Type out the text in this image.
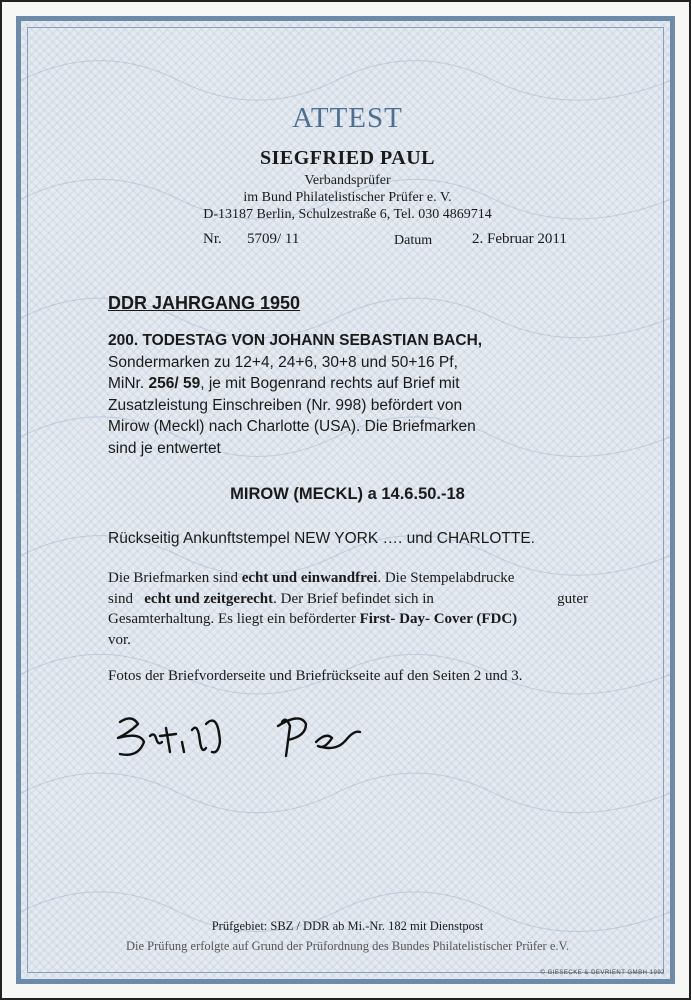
ATTEST
SIEGFRIED PAUL
Verbandsprüfer
im Bund Philatelistischer Prüfer e. V.
D-13187 Berlin, Schulzestraße 6, Tel. 030 4869714
Nr. 5709/ 11	Datum	2. Februar 2011
DDR JAHRGANG 1950
200. TODESTAG VON JOHANN SEBASTIAN BACH,
Sondermarken zu 12+4, 24+6, 30+8 und 50+16 Pf,
MiNr. 256/ 59, je mit Bogenrand rechts auf Brief mit
Zusatzleistung Einschreiben (Nr. 998) befördert von
Mirow (Meckl) nach Charlotte (USA). Die Briefmarken
sind je entwertet
MIROW (MECKL) a 14.6.50.-18
Rückseitig Ankunftstempel NEW YORK …. und CHARLOTTE.
Die Briefmarken sind echt und einwandfrei. Die Stempelabdrucke
sind echt und zeitgerecht. Der Brief befindet sich in	guter
Gesamterhaltung. Es liegt ein beförderter First- Day- Cover (FDC)
vor.
Fotos der Briefvorderseite und Briefrückseite auf den Seiten 2 und 3.
Prüfgebiet: SBZ / DDR ab Mi.-Nr. 182 mit Dienstpost
Die Prüfung erfolgte auf Grund der Prüfordnung des Bundes Philatelistischer Prüfer e.V.
© GIESECKE & DEVRIENT GMBH 1992
